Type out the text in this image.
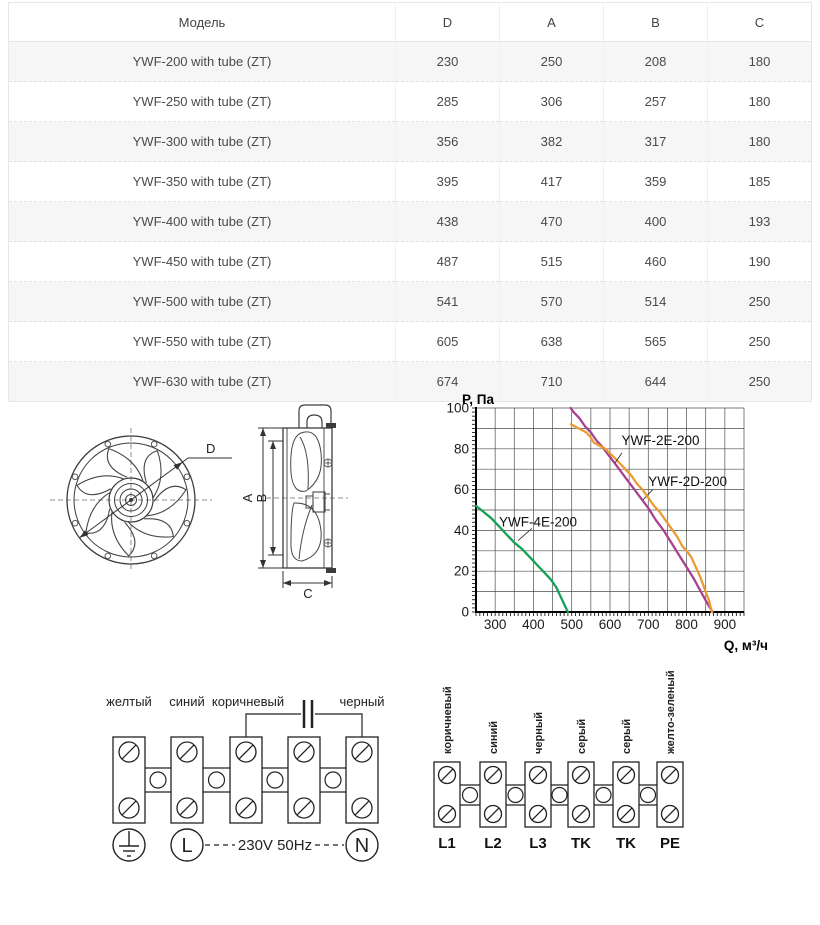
Модель	D	A	B	C
YWF-200 with tube (ZT)	230	250	208	180
YWF-250 with tube (ZT)	285	306	257	180
YWF-300 with tube (ZT)	356	382	317	180
YWF-350 with tube (ZT)	395	417	359	185
YWF-400 with tube (ZT)	438	470	400	193
YWF-450 with tube (ZT)	487	515	460	190
YWF-500 with tube (ZT)	541	570	514	250
YWF-550 with tube (ZT)	605	638	565	250
YWF-630 with tube (ZT)	674	710	644	250
D
A B
C
300 400 500 600 700 800 900
0
20
40
60
80
100
P, Па
Q, м³/ч
YWF-4E-200
YWF-2D-200
YWF-2E-200
желтый синий коричневый	черный
L	N
230V 50Hz
коричневый	синий	черный	серый	серый	желто-зеленый
L1 L2 L3 TK TK PE
